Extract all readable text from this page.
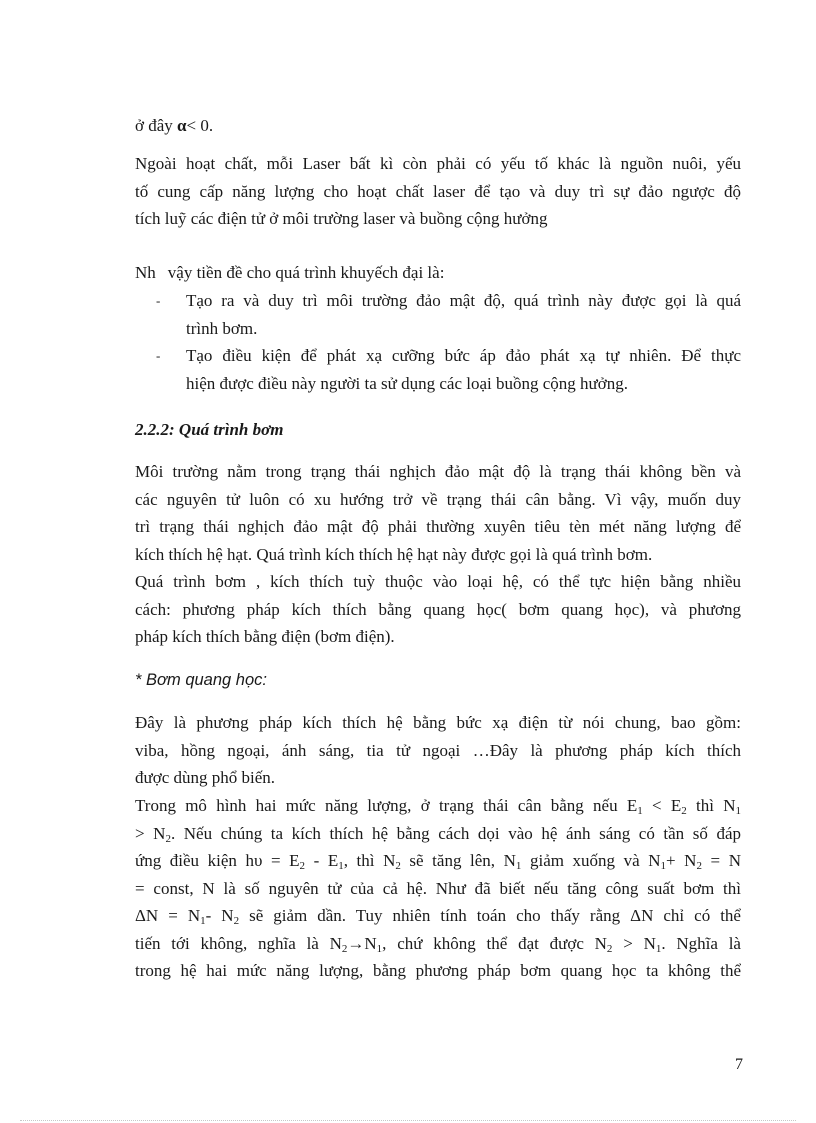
ở đây α< 0.
Ngoài hoạt chất, mỗi Laser bất kì còn phải có yếu tố khác là nguồn nuôi, yếu
tố cung cấp năng lượng cho hoạt chất laser để tạo và duy trì sự đảo ngược độ
tích luỹ các điện tử ở môi trường laser và buồng cộng hưởng
Nh vậy tiền đề cho quá trình khuyếch đại là:
- Tạo ra và duy trì môi trường đảo mật độ, quá trình này được gọi là quá
trình bơm.
- Tạo điều kiện để phát xạ cưỡng bức áp đảo phát xạ tự nhiên. Để thực
hiện được điều này người ta sử dụng các loại buồng cộng hưởng.
2.2.2: Quá trình bơm
Môi trường nằm trong trạng thái nghịch đảo mật độ là trạng thái không bền và
các nguyên tử luôn có xu hướng trở về trạng thái cân bằng. Vì vậy, muốn duy
trì trạng thái nghịch đảo mật độ phải thường xuyên tiêu tèn mét năng lượng để
kích thích hệ hạt. Quá trình kích thích hệ hạt này được gọi là quá trình bơm.
Quá trình bơm , kích thích tuỳ thuộc vào loại hệ, có thể tực hiện bằng nhiều
cách: phương pháp kích thích bằng quang học( bơm quang học), và phương
pháp kích thích bằng điện (bơm điện).
* Bơm quang học:
Đây là phương pháp kích thích hệ bằng bức xạ điện từ nói chung, bao gồm:
viba, hồng ngoại, ánh sáng, tia tử ngoại …Đây là phương pháp kích thích
được dùng phổ biến.
Trong mô hình hai mức năng lượng, ở trạng thái cân bằng nếu $E_1 < E_2$ thì $N_1$
> $N_2$. Nếu chúng ta kích thích hệ bằng cách dọi vào hệ ánh sáng có tần số đáp
ứng điều kiện $h\upsilon = E_2 - E_1$, thì $N_2$ sẽ tăng lên, $N_1$ giảm xuống và $N_1+ N_2 = N$
= const, N là số nguyên tử của cả hệ. Như đã biết nếu tăng công suất bơm thì
$\Delta N = N_1-$ $N_2$ sẽ giảm dần. Tuy nhiên tính toán cho thấy rằng ΔN chỉ có thể
tiến tới không, nghĩa là $N_2\to N_1$, chứ không thể đạt được $N_2 > N_1$. Nghĩa là
trong hệ hai mức năng lượng, bằng phương pháp bơm quang học ta không thể
7
